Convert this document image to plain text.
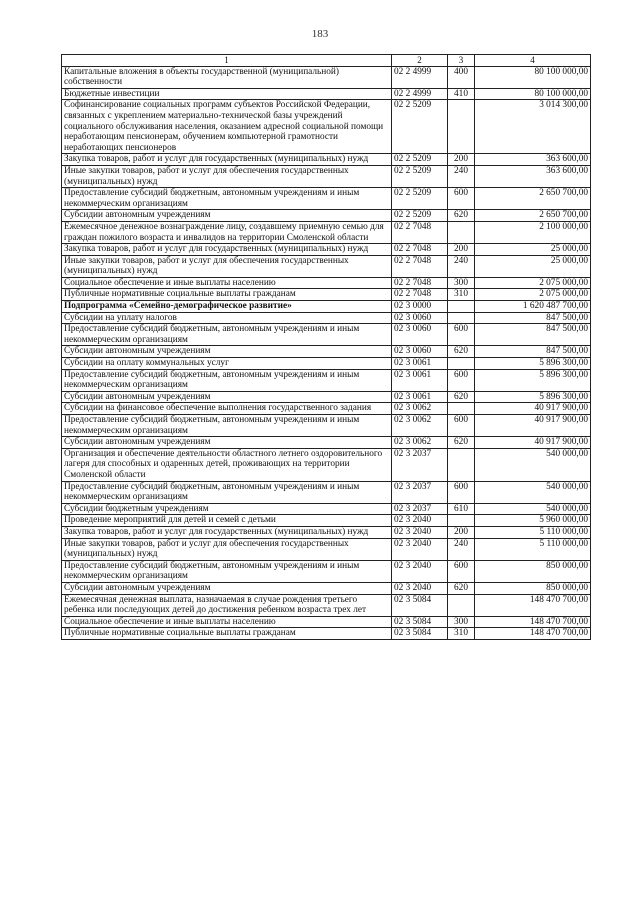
183
1	2	3	4
Капитальные вложения в объекты государственной (муниципальной) собственности	02 2 4999	400	80 100 000,00
Бюджетные инвестиции	02 2 4999	410	80 100 000,00
Софинансирование социальных программ субъектов Российской Федерации, связанных с укреплением материально-технической базы учреждений социального обслуживания населения, оказанием адресной социальной помощи неработающим пенсионерам, обучением компьютерной грамотности неработающих пенсионеров	02 2 5209		3 014 300,00
Закупка товаров, работ и услуг для государственных (муниципальных) нужд	02 2 5209	200	363 600,00
Иные закупки товаров, работ и услуг для обеспечения государственных (муниципальных) нужд	02 2 5209	240	363 600,00
Предоставление субсидий бюджетным, автономным учреждениям и иным некоммерческим организациям	02 2 5209	600	2 650 700,00
Субсидии автономным учреждениям	02 2 5209	620	2 650 700,00
Ежемесячное денежное вознаграждение лицу, создавшему приемную семью для граждан пожилого возраста и инвалидов на территории Смоленской области	02 2 7048		2 100 000,00
Закупка товаров, работ и услуг для государственных (муниципальных) нужд	02 2 7048	200	25 000,00
Иные закупки товаров, работ и услуг для обеспечения государственных (муниципальных) нужд	02 2 7048	240	25 000,00
Социальное обеспечение и иные выплаты населению	02 2 7048	300	2 075 000,00
Публичные нормативные социальные выплаты гражданам	02 2 7048	310	2 075 000,00
Подпрограмма «Семейно-демографическое развитие»	02 3 0000		1 620 487 700,00
Субсидии на уплату налогов	02 3 0060		847 500,00
Предоставление субсидий бюджетным, автономным учреждениям и иным некоммерческим организациям	02 3 0060	600	847 500,00
Субсидии автономным учреждениям	02 3 0060	620	847 500,00
Субсидии на оплату коммунальных услуг	02 3 0061		5 896 300,00
Предоставление субсидий бюджетным, автономным учреждениям и иным некоммерческим организациям	02 3 0061	600	5 896 300,00
Субсидии автономным учреждениям	02 3 0061	620	5 896 300,00
Субсидии на финансовое обеспечение выполнения государственного задания	02 3 0062		40 917 900,00
Предоставление субсидий бюджетным, автономным учреждениям и иным некоммерческим организациям	02 3 0062	600	40 917 900,00
Субсидии автономным учреждениям	02 3 0062	620	40 917 900,00
Организация и обеспечение деятельности областного летнего оздоровительного лагеря для способных и одаренных детей, проживающих на территории Смоленской области	02 3 2037		540 000,00
Предоставление субсидий бюджетным, автономным учреждениям и иным некоммерческим организациям	02 3 2037	600	540 000,00
Субсидии бюджетным учреждениям	02 3 2037	610	540 000,00
Проведение мероприятий для детей и семей с детьми	02 3 2040		5 960 000,00
Закупка товаров, работ и услуг для государственных (муниципальных) нужд	02 3 2040	200	5 110 000,00
Иные закупки товаров, работ и услуг для обеспечения государственных (муниципальных) нужд	02 3 2040	240	5 110 000,00
Предоставление субсидий бюджетным, автономным учреждениям и иным некоммерческим организациям	02 3 2040	600	850 000,00
Субсидии автономным учреждениям	02 3 2040	620	850 000,00
Ежемесячная денежная выплата, назначаемая в случае рождения третьего ребенка или последующих детей до достижения ребенком возраста трех лет	02 3 5084		148 470 700,00
Социальное обеспечение и иные выплаты населению	02 3 5084	300	148 470 700,00
Публичные нормативные социальные выплаты гражданам	02 3 5084	310	148 470 700,00
